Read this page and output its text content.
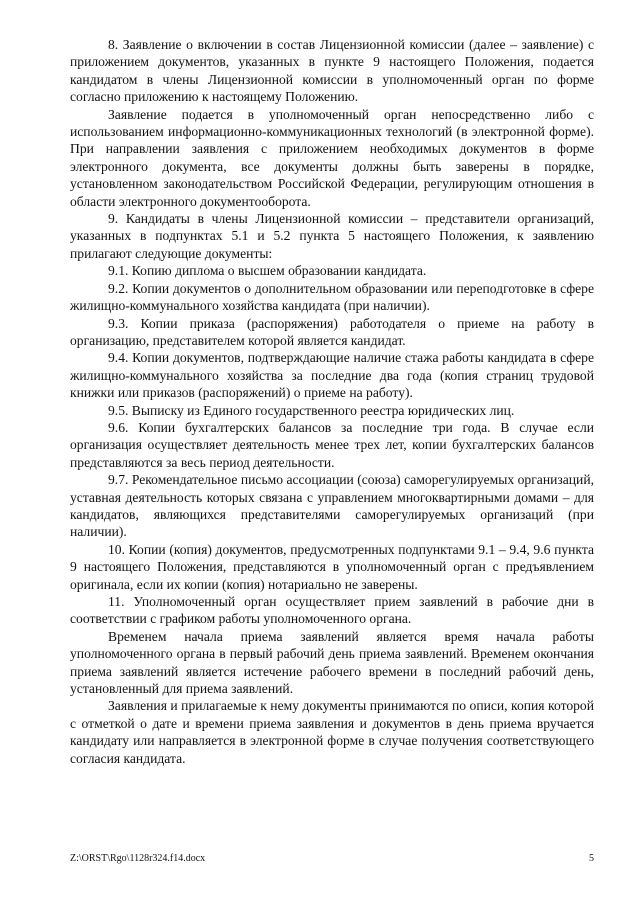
8. Заявление о включении в состав Лицензионной комиссии (далее – заявление) с приложением документов, указанных в пункте 9 настоящего Положения, подается кандидатом в члены Лицензионной комиссии в уполномоченный орган по форме согласно приложению к настоящему Положению.

Заявление подается в уполномоченный орган непосредственно либо с использованием информационно-коммуникационных технологий (в электронной форме). При направлении заявления с приложением необходимых документов в форме электронного документа, все документы должны быть заверены в порядке, установленном законодательством Российской Федерации, регулирующим отношения в области электронного документооборота.

9. Кандидаты в члены Лицензионной комиссии – представители организаций, указанных в подпунктах 5.1 и 5.2 пункта 5 настоящего Положения, к заявлению прилагают следующие документы:

9.1. Копию диплома о высшем образовании кандидата.

9.2. Копии документов о дополнительном образовании или переподготовке в сфере жилищно-коммунального хозяйства кандидата (при наличии).

9.3. Копии приказа (распоряжения) работодателя о приеме на работу в организацию, представителем которой является кандидат.

9.4. Копии документов, подтверждающие наличие стажа работы кандидата в сфере жилищно-коммунального хозяйства за последние два года (копия страниц трудовой книжки или приказов (распоряжений) о приеме на работу).

9.5. Выписку из Единого государственного реестра юридических лиц.

9.6. Копии бухгалтерских балансов за последние три года. В случае если организация осуществляет деятельность менее трех лет, копии бухгалтерских балансов представляются за весь период деятельности.

9.7. Рекомендательное письмо ассоциации (союза) саморегулируемых организаций, уставная деятельность которых связана с управлением многоквартирными домами – для кандидатов, являющихся представителями саморегулируемых организаций (при наличии).

10. Копии (копия) документов, предусмотренных подпунктами 9.1 – 9.4, 9.6 пункта 9 настоящего Положения, представляются в уполномоченный орган с предъявлением оригинала, если их копии (копия) нотариально не заверены.

11. Уполномоченный орган осуществляет прием заявлений в рабочие дни в соответствии с графиком работы уполномоченного органа.

Временем начала приема заявлений является время начала работы уполномоченного органа в первый рабочий день приема заявлений. Временем окончания приема заявлений является истечение рабочего времени в последний рабочий день, установленный для приема заявлений.

Заявления и прилагаемые к нему документы принимаются по описи, копия которой с отметкой о дате и времени приема заявления и документов в день приема вручается кандидату или направляется в электронной форме в случае получения соответствующего согласия кандидата.

Z:\ORST\Rgo\1128r324.f14.docx	5
